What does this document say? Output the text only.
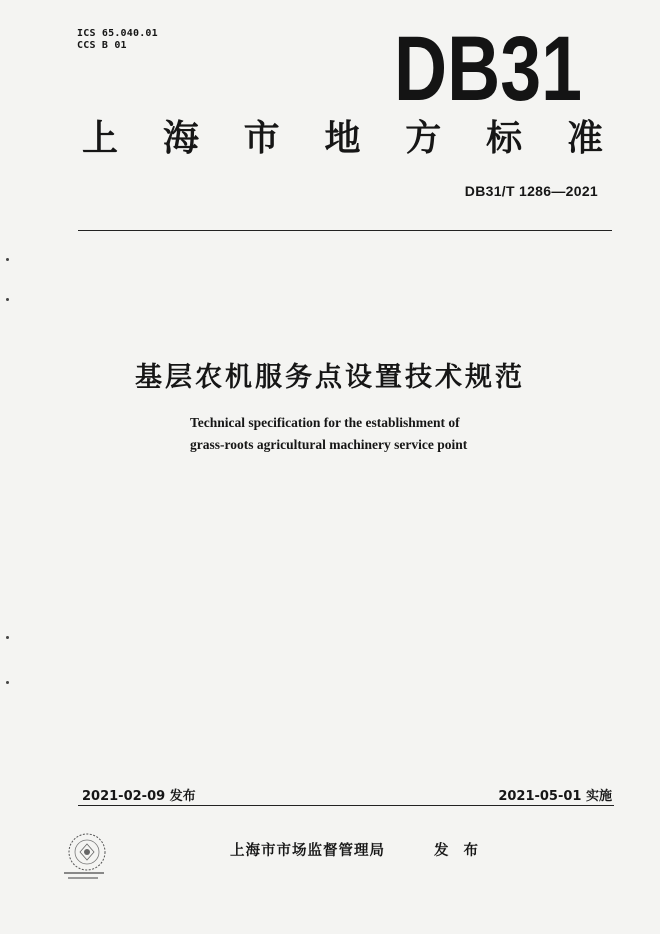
ICS 65.040.01
CCS B 01	DB31
上	海	市	地	方	标	准
DB31/T 1286—2021
基层农机服务点设置技术规范
Technical specification for the establishment of
grass-roots agricultural machinery service point
2021-02-09 发布	2021-05-01 实施
上海市市场监督管理局	发 布
